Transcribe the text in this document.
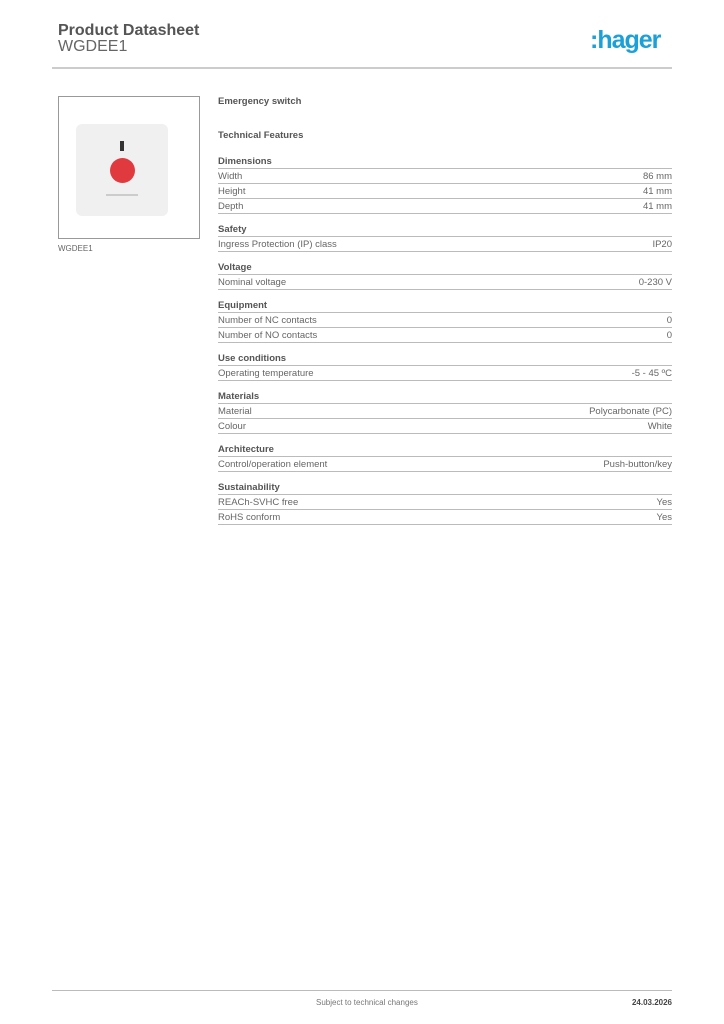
Product Datasheet
WGDEE1	:hager
WGDEE1
Emergency switch
Technical Features
Dimensions
Width	86 mm
Height	41 mm
Depth	41 mm
Safety
Ingress Protection (IP) class	IP20
Voltage
Nominal voltage	0-230 V
Equipment
Number of NC contacts	0
Number of NO contacts	0
Use conditions
Operating temperature	-5 - 45 ºC
Materials
Material	Polycarbonate (PC)
Colour	White
Architecture
Control/operation element	Push-button/key
Sustainability
REACh-SVHC free	Yes
RoHS conform	Yes
Subject to technical changes	24.03.2026
